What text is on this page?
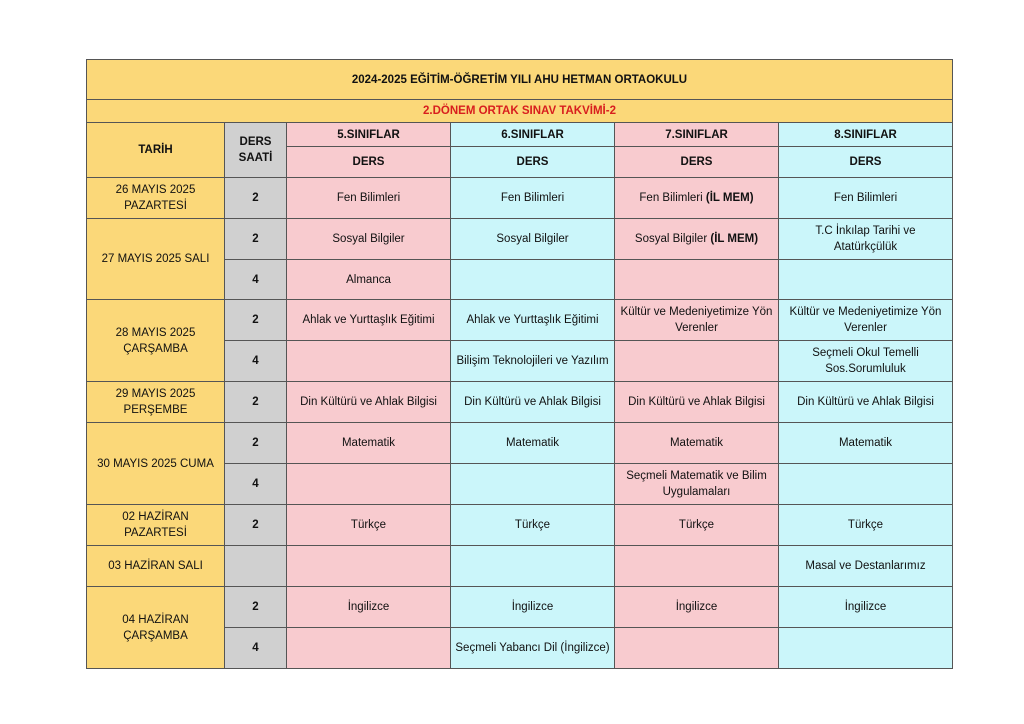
2024-2025 EĞİTİM-ÖĞRETİM YILI AHU HETMAN ORTAOKULU					
2.DÖNEM ORTAK SINAV TAKVİMİ-2					
TARİH	DERS SAATİ	5.SINIFLAR	6.SINIFLAR	7.SINIFLAR	8.SINIFLAR
		DERS	DERS	DERS	DERS
26 MAYIS 2025 PAZARTESİ	2	Fen Bilimleri	Fen Bilimleri	Fen Bilimleri (İL MEM)	Fen Bilimleri
27 MAYIS 2025 SALI	2	Sosyal Bilgiler	Sosyal Bilgiler	Sosyal Bilgiler (İL MEM)	T.C İnkılap Tarihi ve Atatürkçülük
	4	Almanca			
28 MAYIS 2025 ÇARŞAMBA	2	Ahlak ve Yurttaşlık Eğitimi	Ahlak ve Yurttaşlık Eğitimi	Kültür ve Medeniyetimize Yön Verenler	Kültür ve Medeniyetimize Yön Verenler
	4		Bilişim Teknolojileri ve Yazılım		Seçmeli Okul Temelli Sos.Sorumluluk
29 MAYIS 2025 PERŞEMBE	2	Din Kültürü ve Ahlak Bilgisi	Din Kültürü ve Ahlak Bilgisi	Din Kültürü ve Ahlak Bilgisi	Din Kültürü ve Ahlak Bilgisi
30 MAYIS 2025 CUMA	2	Matematik	Matematik	Matematik	Matematik
	4			Seçmeli Matematik ve Bilim Uygulamaları	
02 HAZİRAN PAZARTESİ	2	Türkçe	Türkçe	Türkçe	Türkçe
03 HAZİRAN SALI					Masal ve Destanlarımız
04 HAZİRAN ÇARŞAMBA	2	İngilizce	İngilizce	İngilizce	İngilizce
	4		Seçmeli Yabancı Dil (İngilizce)		
